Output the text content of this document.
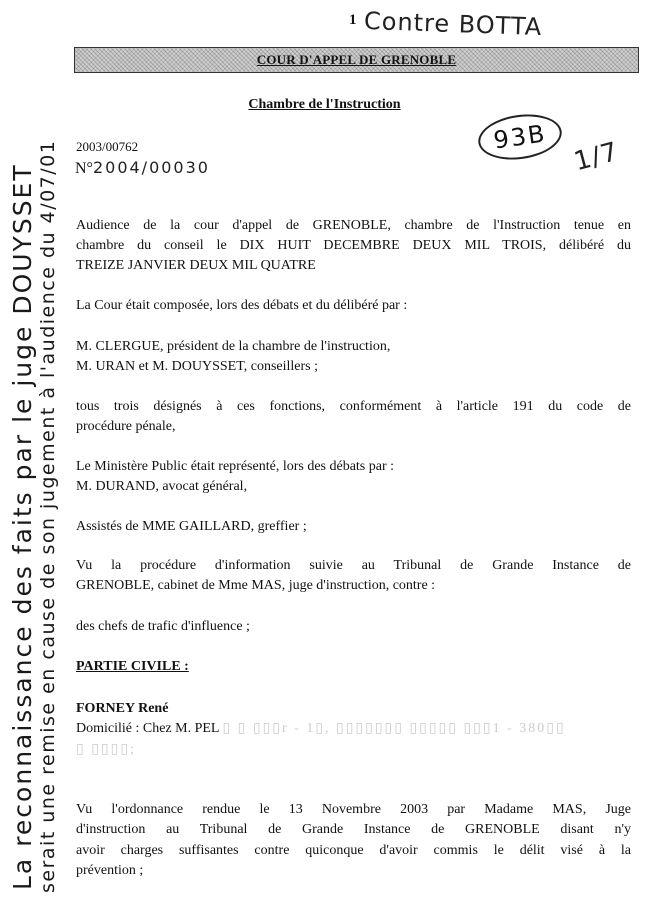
1 Contre BOTTA
COUR D'APPEL DE GRENOBLE
Chambre de l'Instruction
93B 1/7
2003/00762
N°2004/00030
Audience de la cour d'appel de GRENOBLE, chambre de l'Instruction tenue en
chambre du conseil le DIX HUIT DECEMBRE DEUX MIL TROIS, délibéré du
TREIZE JANVIER DEUX MIL QUATRE
La Cour était composée, lors des débats et du délibéré par :
M. CLERGUE, président de la chambre de l'instruction,
M. URAN et M. DOUYSSET, conseillers ;
tous trois désignés à ces fonctions, conformément à l'article 191 du code de
procédure pénale,
Le Ministère Public était représenté, lors des débats par :
M. DURAND, avocat général,
Assistés de MME GAILLARD, greffier ;
Vu la procédure d'information suivie au Tribunal de Grande Instance de
GRENOBLE, cabinet de Mme MAS, juge d'instruction, contre :
des chefs de trafic d'influence ;
PARTIE CIVILE :
FORNEY René
Domicilié : Chez M. PEL ▯ ▯ ▯▯▯r - 1▯, ▯▯▯▯▯▯▯ ▯▯▯▯▯ ▯▯▯1 - 380▯▯
▯ ▯▯▯▯;
Vu l'ordonnance rendue le 13 Novembre 2003 par Madame MAS, Juge
d'instruction au Tribunal de Grande Instance de GRENOBLE disant n'y
avoir charges suffisantes contre quiconque d'avoir commis le délit visé à la
prévention ;
La reconnaissance des faits par le juge DOUYSSET serait une remise en cause de son jugement à l'audience du 4/07/01
